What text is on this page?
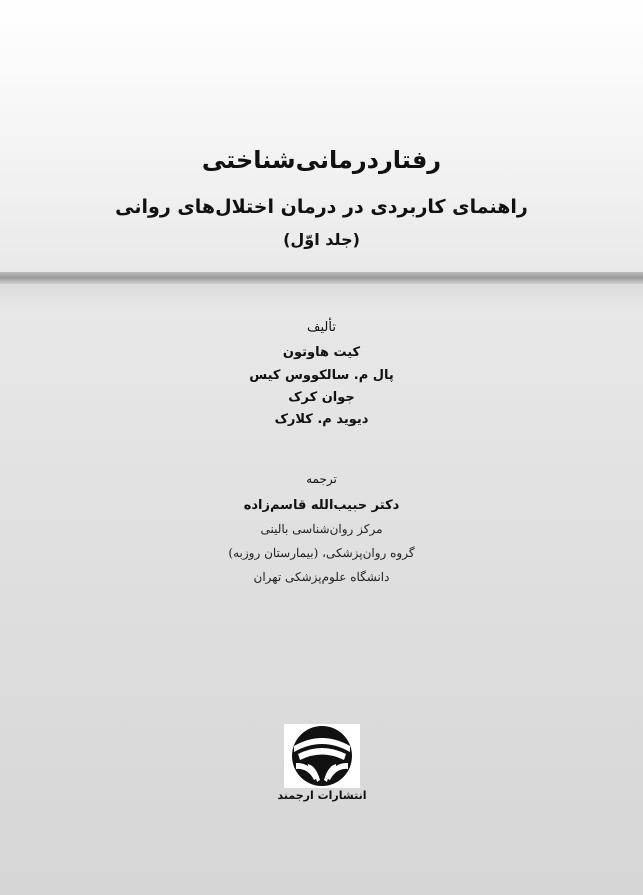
رفتاردرمانی‌شناختی
راهنمای کاربردی در درمان اختلال‌های روانی
(جلد اوّل)
تألیف
کیت هاوتون
پال م. سالکووس کیس
جوان کرک
دیوید م. کلارک
ترجمه
دکتر حبیب‌الله قاسم‌زاده
مرکز روان‌شناسی بالینی
گروه روان‌پزشکی، (بیمارستان روزبه)
دانشگاه علوم‌پزشکی تهران
انتشارات ارجمند
